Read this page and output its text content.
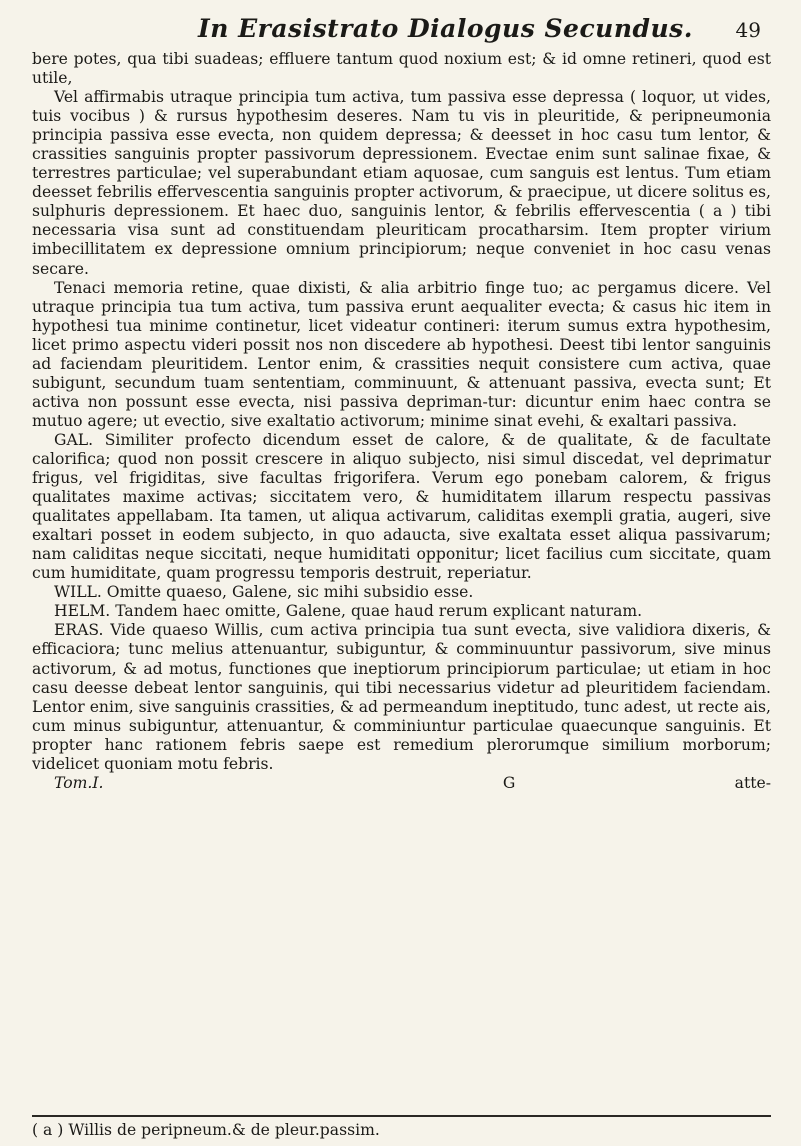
In Erasistrato Dialogus Secundus.	49

bere potes, qua tibi suadeas; effluere tantum quod noxium est; & id omne retineri, quod est utile,

Vel affirmabis utraque principia tum activa, tum passiva esse depressa ( loquor, ut vides, tuis vocibus ) & rursus hypothesim deseres. Nam tu vis in pleuritide, & peripneumonia principia passiva esse evecta, non quidem depressa; & deesset in hoc casu tum lentor, & crassities sanguinis propter passivorum depressionem. Evectae enim sunt salinae fixae, & terrestres particulae; vel superabundant etiam aquosae, cum sanguis est lentus. Tum etiam deesset febrilis effervescentia sanguinis propter activorum, & praecipue, ut dicere solitus es, sulphuris depressionem. Et haec duo, sanguinis lentor, & febrilis effervescentia ( a ) tibi necessaria visa sunt ad constituendam pleuriticam procatharsim. Item propter virium imbecillitatem ex depressione omnium principiorum; neque conveniet in hoc casu venas secare.

Tenaci memoria retine, quae dixisti, & alia arbitrio finge tuo; ac pergamus dicere. Vel utraque principia tua tum activa, tum passiva erunt aequaliter evecta; & casus hic item in hypothesi tua minime continetur, licet videatur contineri: iterum sumus extra hypothesim, licet primo aspectu videri possit nos non discedere ab hypothesi. Deest tibi lentor sanguinis ad faciendam pleuritidem. Lentor enim, & crassities nequit consistere cum activa, quae subigunt, secundum tuam sententiam, comminuunt, & attenuant passiva, evecta sunt; Et activa non possunt esse evecta, nisi passiva depriman-tur: dicuntur enim haec contra se mutuo agere; ut evectio, sive exaltatio activorum; minime sinat evehi, & exaltari passiva.

GAL. Similiter profecto dicendum esset de calore, & de qualitate, & de facultate calorifica; quod non possit crescere in aliquo subjecto, nisi simul discedat, vel deprimatur frigus, vel frigiditas, sive facultas frigorifera. Verum ego ponebam calorem, & frigus qualitates maxime activas; siccitatem vero, & humiditatem illarum respectu passivas qualitates appellabam. Ita tamen, ut aliqua activarum, caliditas exempli gratia, augeri, sive exaltari posset in eodem subjecto, in quo adaucta, sive exaltata esset aliqua passivarum; nam caliditas neque siccitati, neque humiditati opponitur; licet facilius cum siccitate, quam cum humiditate, quam progressu temporis destruit, reperiatur.

WILL. Omitte quaeso, Galene, sic mihi subsidio esse.

HELM. Tandem haec omitte, Galene, quae haud rerum explicant naturam.

ERAS. Vide quaeso Willis, cum activa principia tua sunt evecta, sive validiora dixeris, & efficaciora; tunc melius attenuantur, subiguntur, & comminuuntur passivorum, sive minus activorum, & ad motus, functiones que ineptiorum principiorum particulae; ut etiam in hoc casu deesse debeat lentor sanguinis, qui tibi necessarius videtur ad pleuritidem faciendam. Lentor enim, sive sanguinis crassities, & ad permeandum ineptitudo, tunc adest, ut recte ais, cum minus subiguntur, attenuantur, & comminiuntur particulae quaecunque sanguinis. Et propter hanc rationem febris saepe est remedium plerorumque similium morborum; videlicet quoniam motu febris.

Tom.I.	G	atte-
( a ) Willis de peripneum.& de pleur.passim.
